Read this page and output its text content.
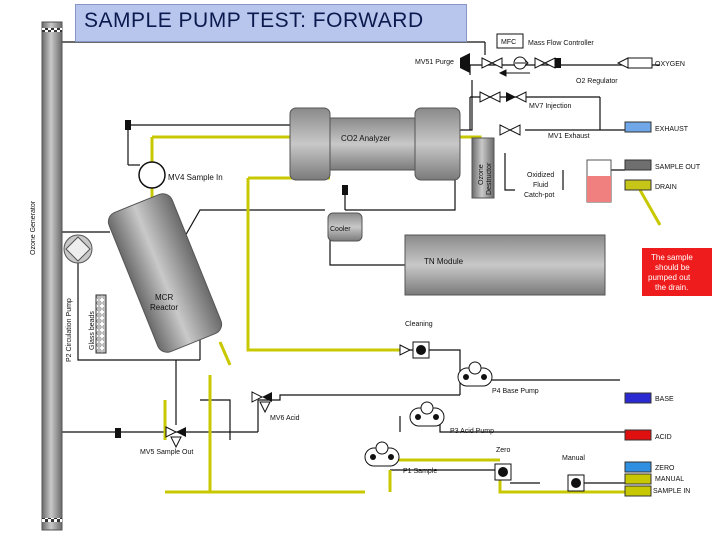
Ozone Generator
CO2 Analyzer
Ozone Destructor
Cooler
TN Module	The sample
should be
pumped out
the drain.
MCR
Reactor
Glass beads
P2 Circulation Pump
MV4 Sample In	Oxidized
Fluid
Catch-pot
MFC Mass Flow Controller
MV51 Purge	OXYGEN
O2 Regulator
MV7 Injection
MV1 Exhaust
EXHAUST
SAMPLE OUT
DRAIN
BASE
ACID
ZERO
MANUAL
SAMPLE IN
Cleaning
P4 Base Pump
P3 Acid Pump
P1 Sample
MV6 Acid
MV5 Sample Out	Zero
Manual
SAMPLE PUMP TEST: FORWARD
